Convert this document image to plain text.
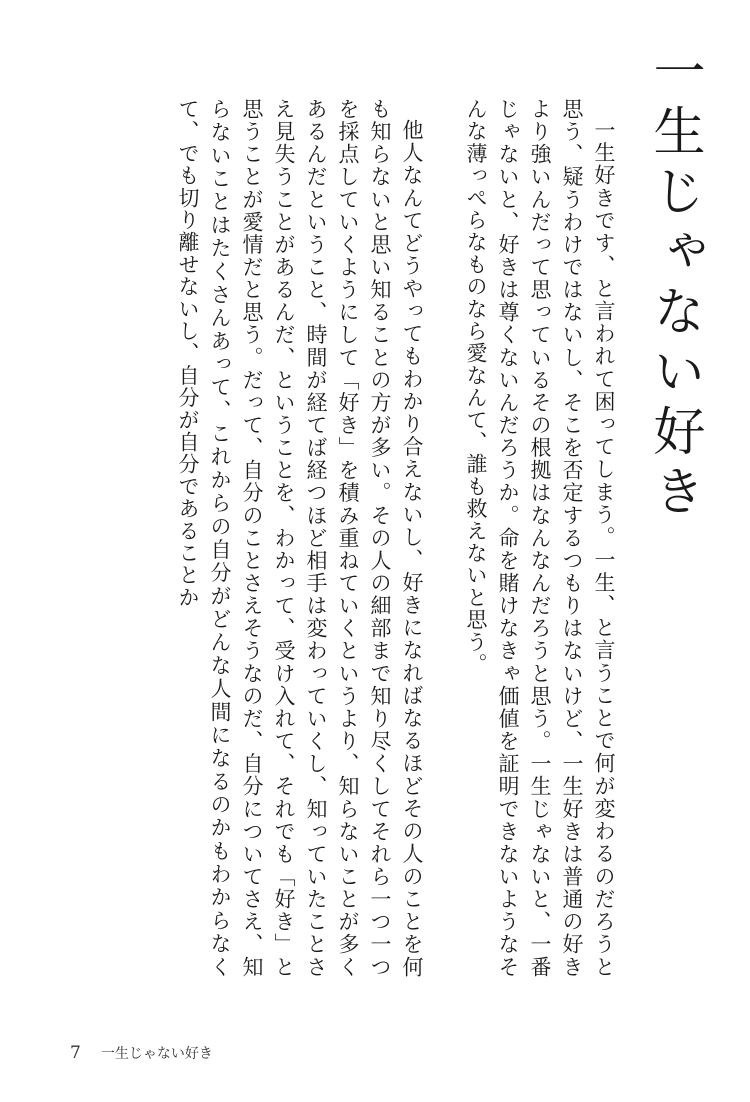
一生じゃない好き

一生好きです、と言われて困ってしまう。一生、と言うことで何が変わるのだろうと思う、疑うわけではないし、そこを否定するつもりはないけど、一生好きは普通の好きより強いんだって思っているその根拠はなんなんだろうと思う。一生じゃないと、一番じゃないと、好きは尊くないんだろうか。命を賭けなきゃ価値を証明できないようなそんな薄っぺらなものなら愛なんて、誰も救えないと思う。

他人なんてどうやってもわかり合えないし、好きになればなるほどその人のことを何も知らないと思い知ることの方が多い。その人の細部まで知り尽くしてそれら一つ一つを採点していくようにして「好き」を積み重ねていくというより、知らないことが多くあるんだということ、時間が経てば経つほど相手は変わっていくし、知っていたことさえ見失うことがあるんだ、ということを、わかって、受け入れて、それでも「好き」と思うことが愛情だと思う。だって、自分のことさえそうなのだ、自分についてさえ、知らないことはたくさんあって、これからの自分がどんな人間になるのかもわからなくて、でも切り離せないし、自分が自分であることか

7 一生じゃない好き
